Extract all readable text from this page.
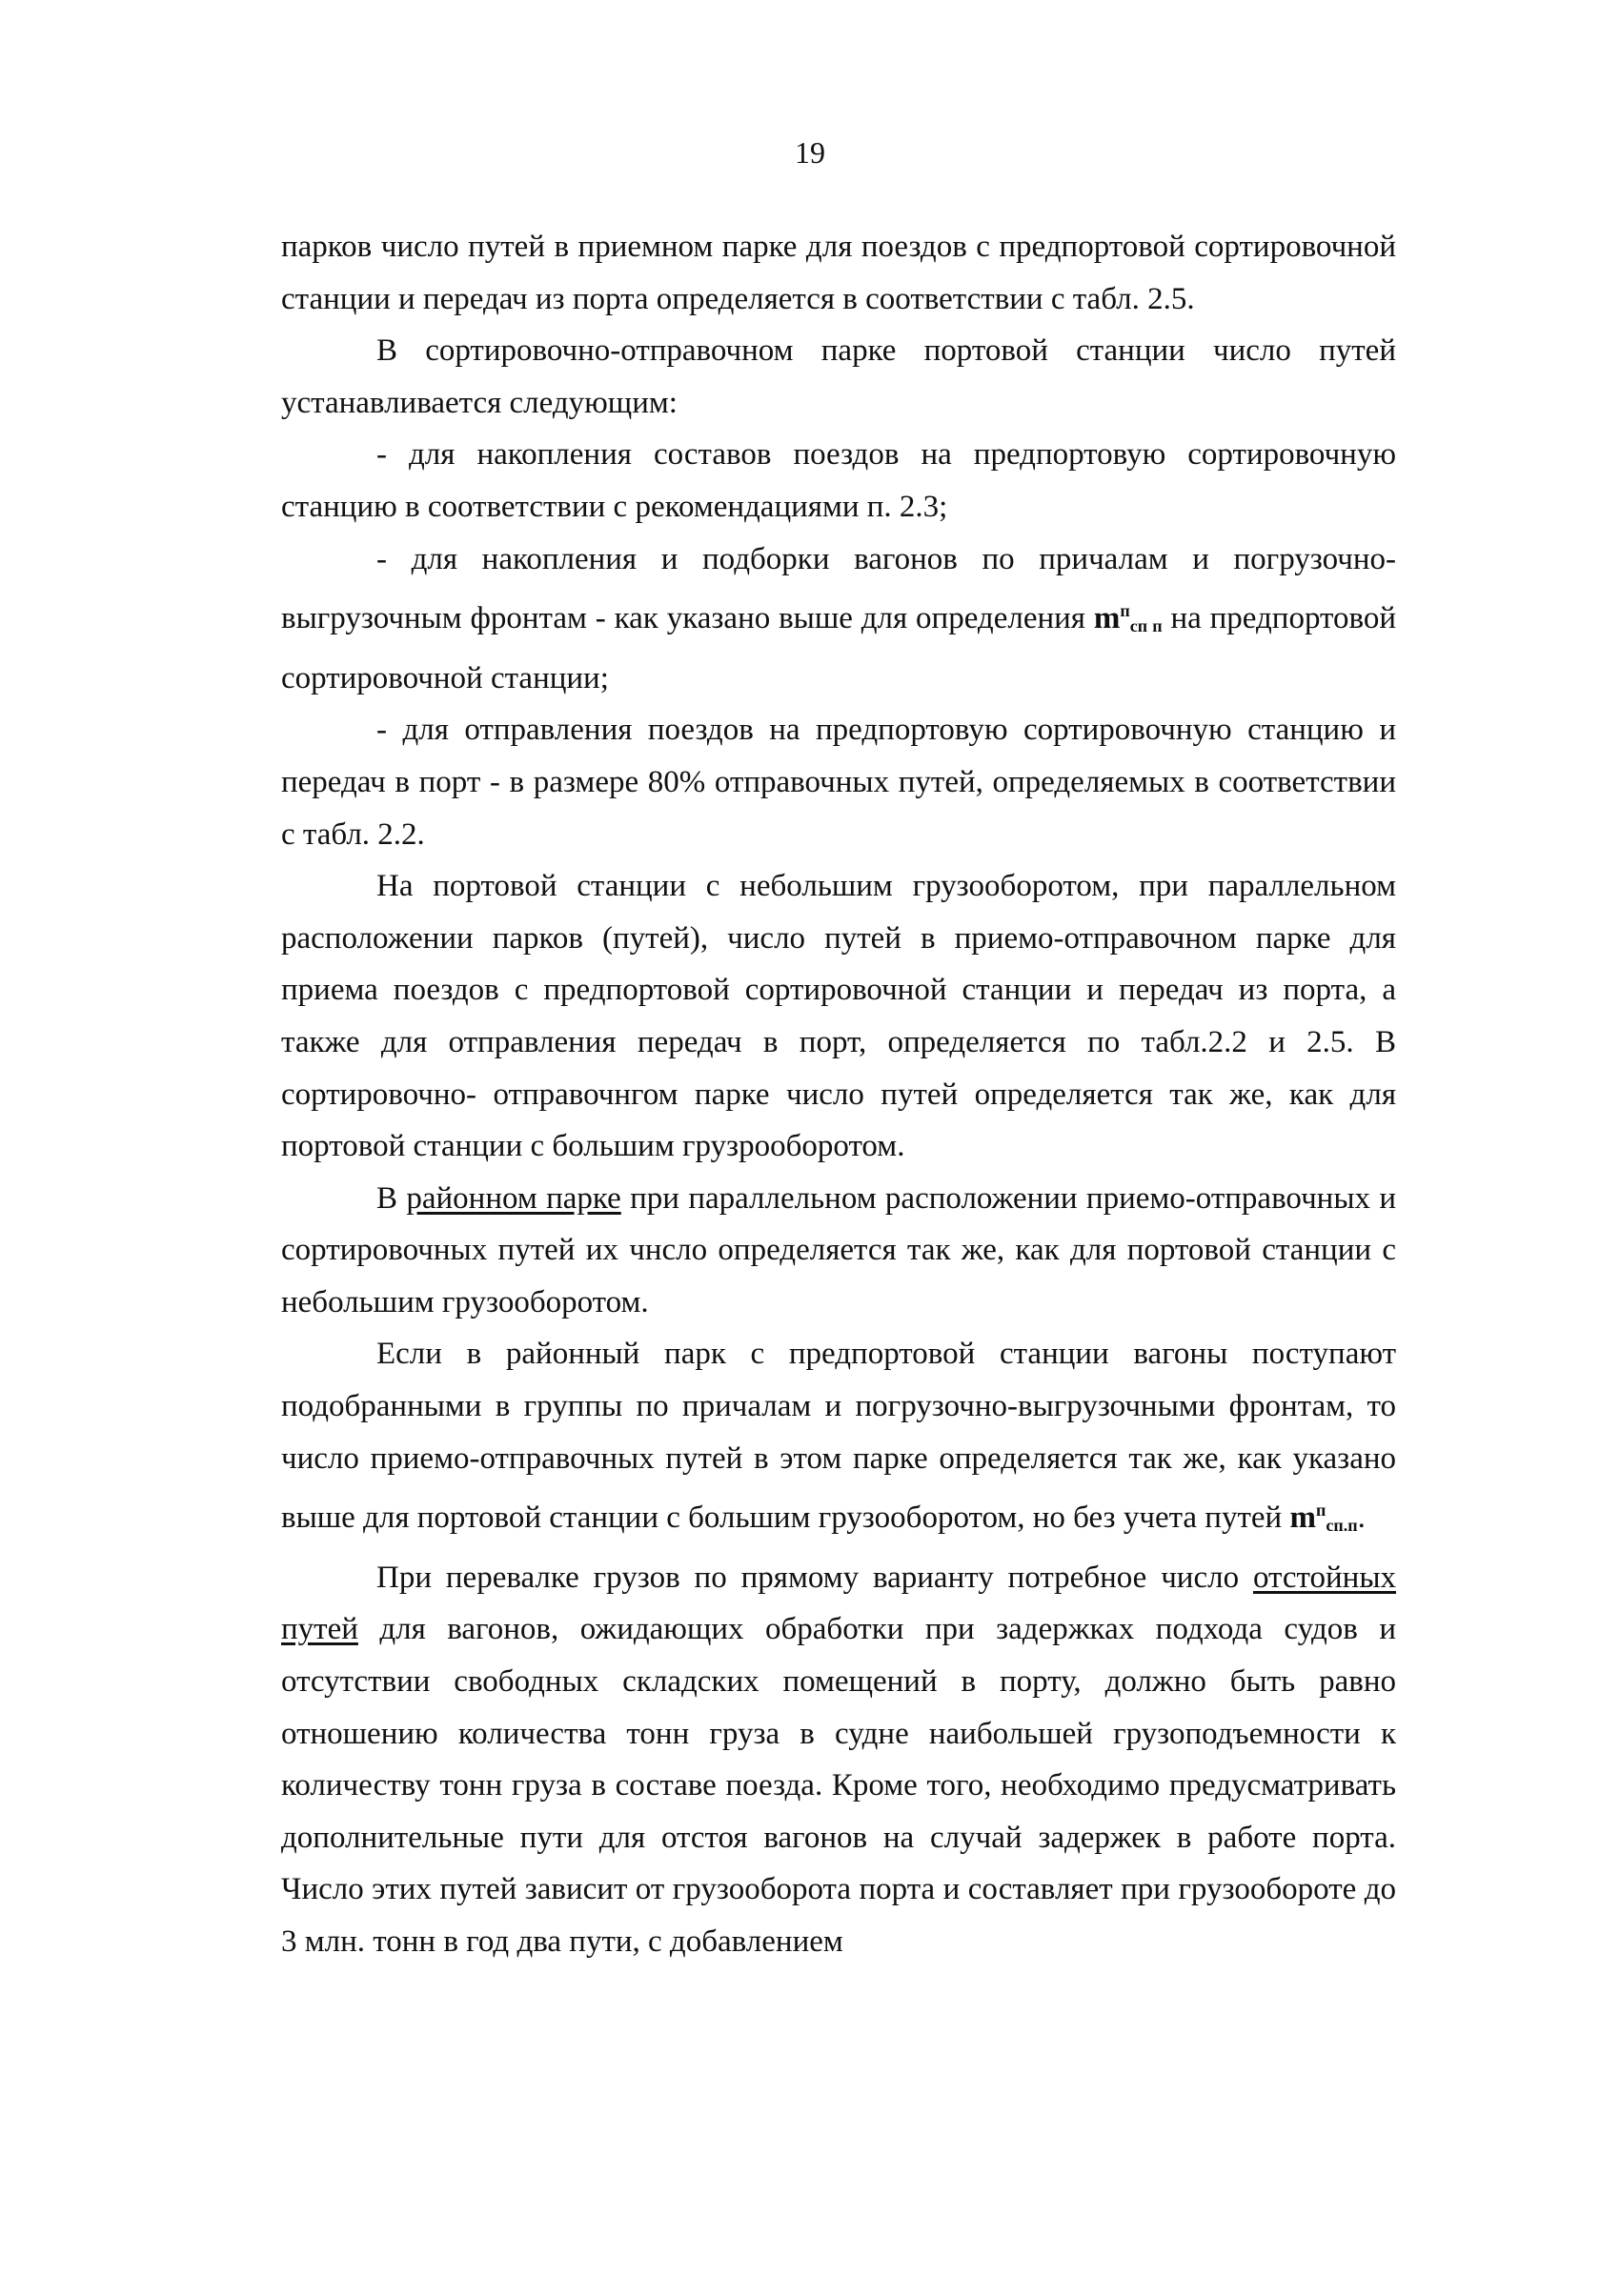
19

парков число путей в приемном парке для поездов с предпортовой сортировочной станции и передач из порта определяется в соответствии с табл. 2.5.

В сортировочно-отправочном парке портовой станции число путей устанавливается следующим:

- для накопления составов поездов на предпортовую сортировочную станцию в соответствии с рекомендациями п. 2.3;

- для накопления и подборки вагонов по причалам и погрузочно-выгрузочным фронтам - как указано выше для определения $m^п_{сп п}$ на предпортовой сортировочной станции;

- для отправления поездов на предпортовую сортировочную станцию и передач в порт - в размере 80% отправочных путей, определяемых в соответствии с табл. 2.2.

На портовой станции с небольшим грузооборотом, при параллельном расположении парков (путей), число путей в приемо-отправочном парке для приема поездов с предпортовой сортировочной станции и передач из порта, а также для отправления передач в порт, определяется по табл.2.2 и 2.5. В сортировочно- отправочнгом парке число путей определяется так же, как для портовой станции с большим грузрооборотом.

В районном парке при параллельном расположении приемо-отправочных и сортировочных путей их чнсло определяется так же, как для портовой станции с небольшим грузооборотом.

Если в районный парк с предпортовой станции вагоны поступают подобранными в группы по причалам и погрузочно-выгрузочными фронтам, то число приемо-отправочных путей в этом парке определяется так же, как указано выше для портовой станции с большим грузооборотом, но без учета путей $m^п_{сп.п}$.

При перевалке грузов по прямому варианту потребное число отстойных путей для вагонов, ожидающих обработки при задержках подхода судов и отсутствии свободных складских помещений в порту, должно быть равно отношению количества тонн груза в судне наибольшей грузоподъемности к количеству тонн груза в составе поезда. Кроме того, необходимо предусматривать дополнительные пути для отстоя вагонов на случай задержек в работе порта. Число этих путей зависит от грузооборота порта и составляет при грузообороте до 3 млн. тонн в год два пути, с добавлением
